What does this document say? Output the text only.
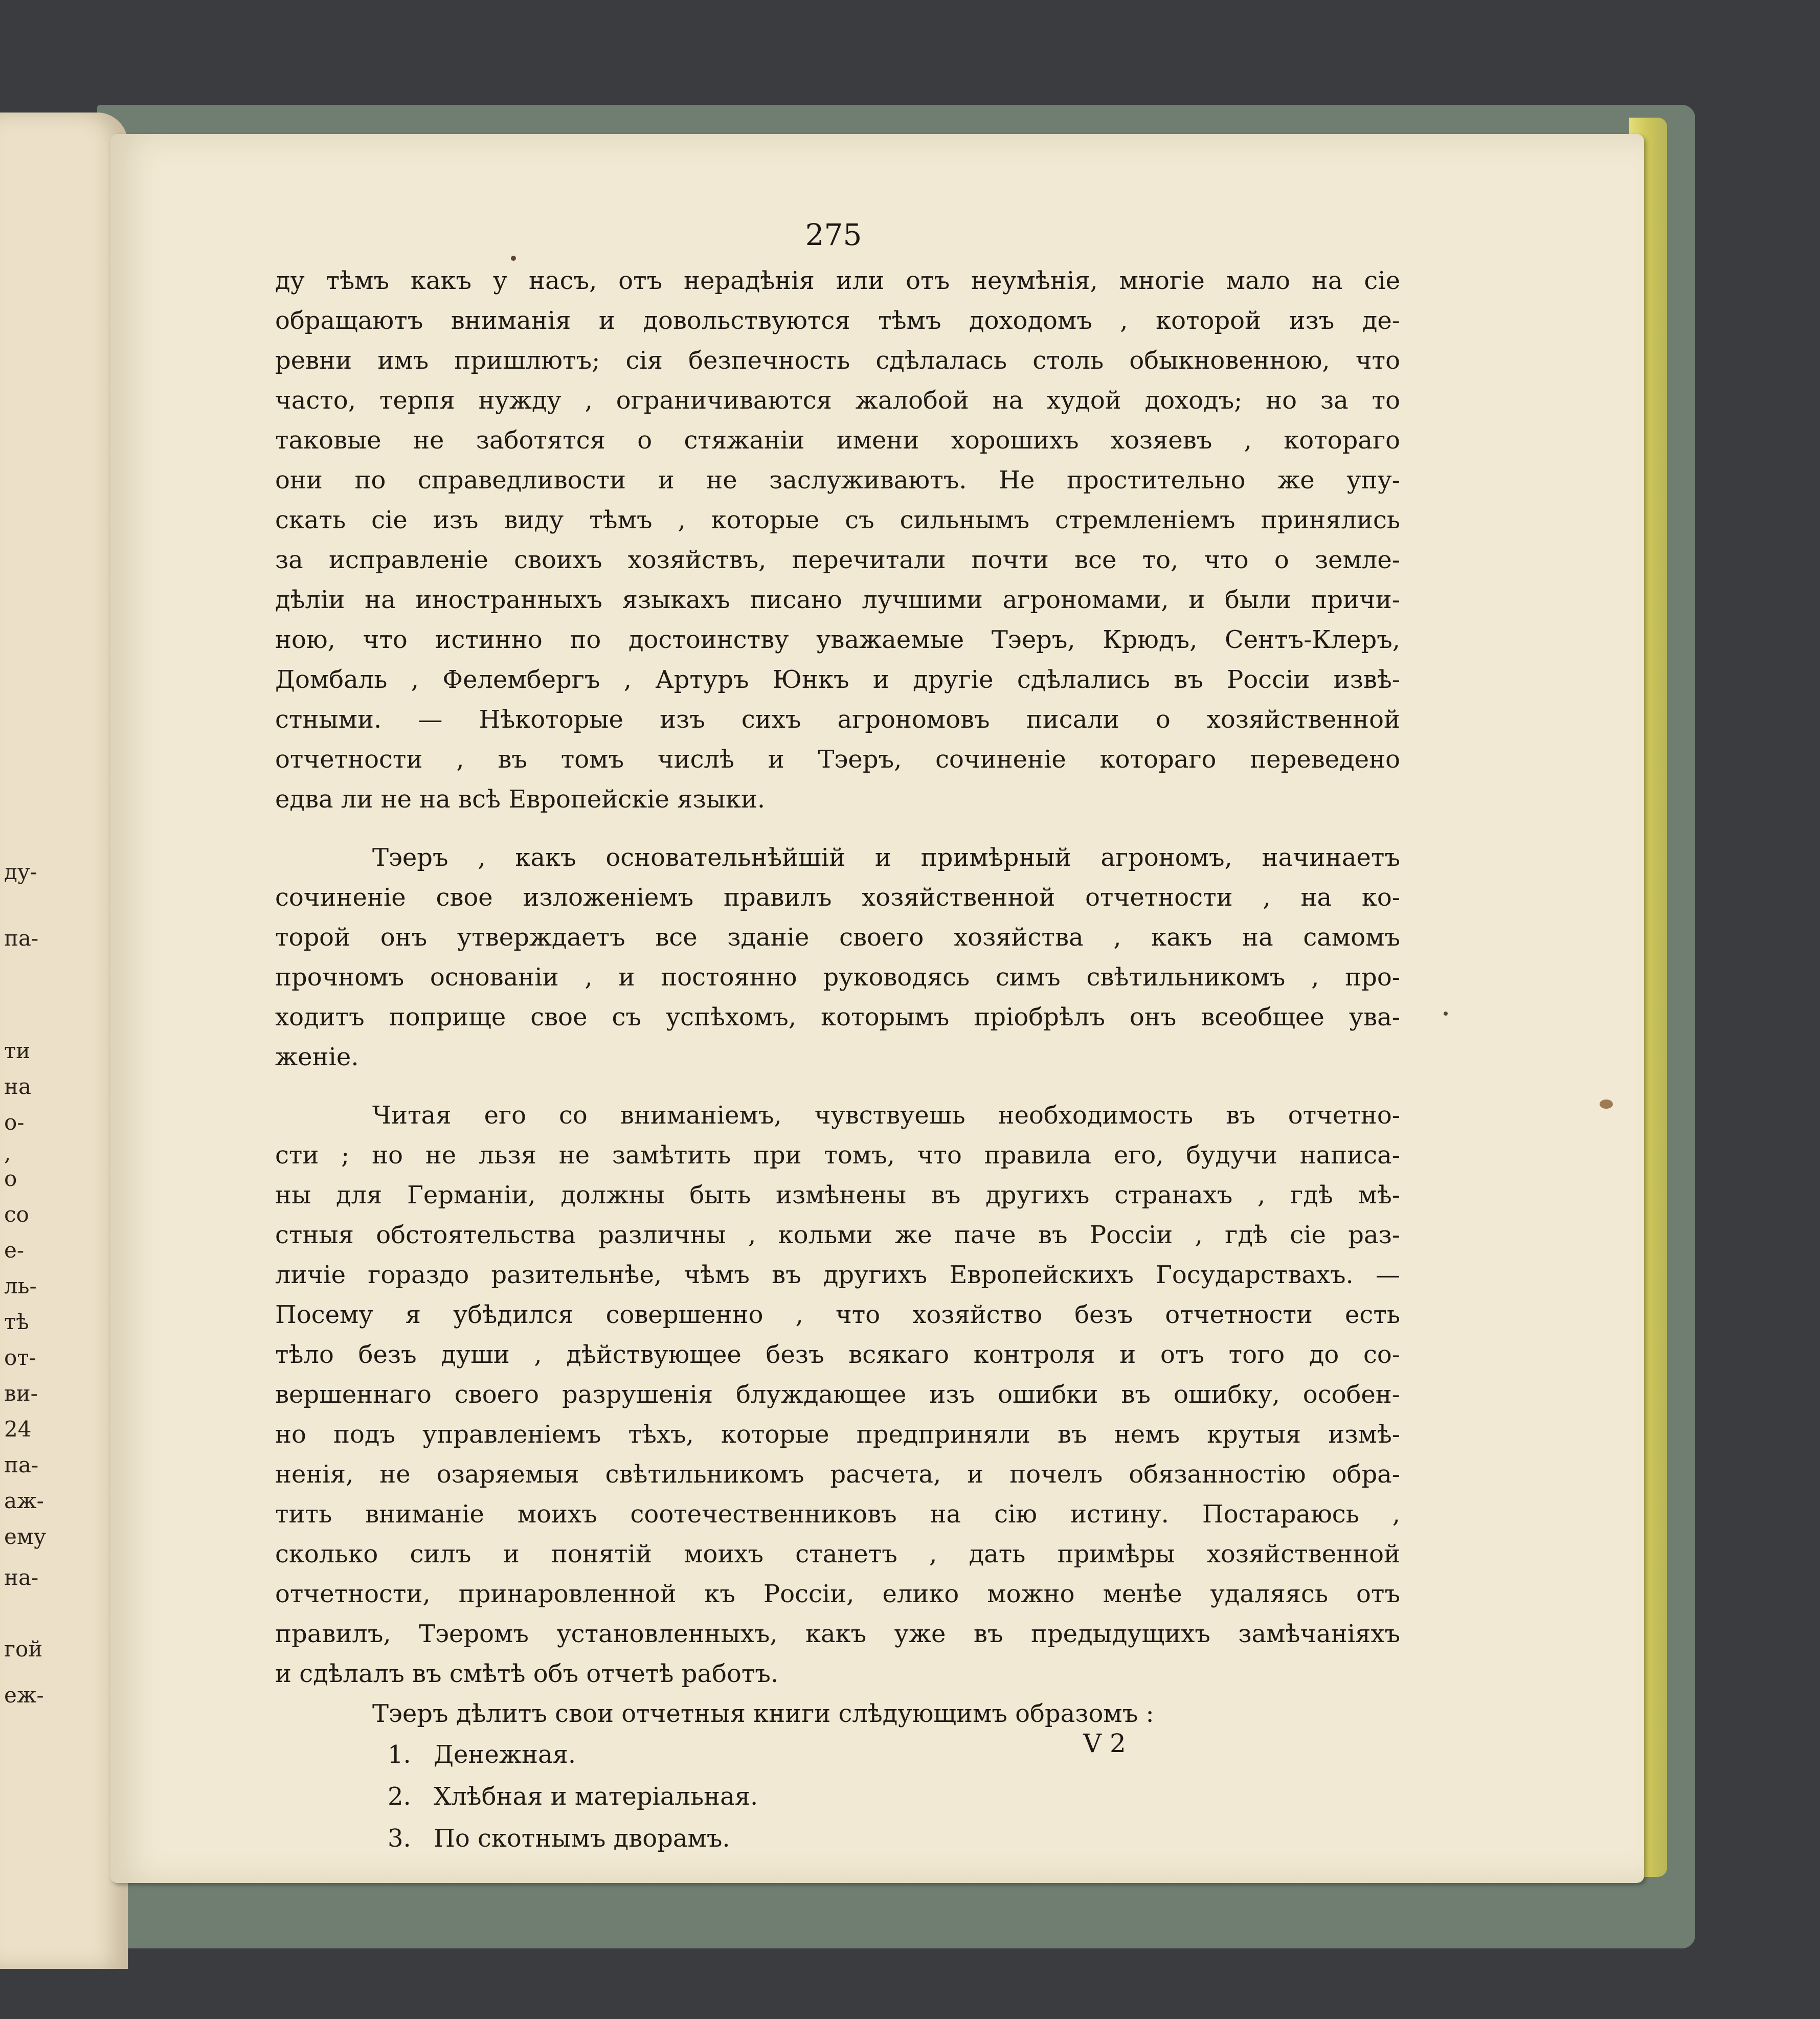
ду-
па-
ти
на
о-
,
о
со
е-
ль-
тѣ
от-
ви-
24
па-
аж-
ему
на-
гой
еж-
275
ду тѣмъ какъ у насъ, отъ нерадѣнія или отъ неумѣнія, многіе мало на сіе
обращаютъ вниманія и довольствуются тѣмъ доходомъ , которой изъ де-
ревни имъ пришлютъ; сія безпечность сдѣлалась столь обыкновенною, что
часто, терпя нужду , ограничиваются жалобой на худой доходъ; но за то
таковые не заботятся о стяжаніи имени хорошихъ хозяевъ , котораго
они по справедливости и не заслуживаютъ. Не простительно же упу-
скать сіе изъ виду тѣмъ , которые съ сильнымъ стремленіемъ принялись
за исправленіе своихъ хозяйствъ, перечитали почти все то, что о земле-
дѣліи на иностранныхъ языкахъ писано лучшими агрономами, и были причи-
ною, что истинно по достоинству уважаемые Тэеръ, Крюдъ, Сентъ-Клеръ,
Домбаль , Фелембергъ , Артуръ Юнкъ и другіе сдѣлались въ Россіи извѣ-
стными. — Нѣкоторые изъ сихъ агрономовъ писали о хозяйственной
отчетности , въ томъ числѣ и Тэеръ, сочиненіе котораго переведено
едва ли не на всѣ Европейскіе языки.
Тэеръ , какъ основательнѣйшій и примѣрный агрономъ, начинаетъ
сочиненіе свое изложеніемъ правилъ хозяйственной отчетности , на ко-
торой онъ утверждаетъ все зданіе своего хозяйства , какъ на самомъ
прочномъ основаніи , и постоянно руководясь симъ свѣтильникомъ , про-
ходитъ поприще свое съ успѣхомъ, которымъ пріобрѣлъ онъ всеобщее ува-
женіе.
Читая его со вниманіемъ, чувствуешь необходимость въ отчетно-
сти ; но не льзя не замѣтить при томъ, что правила его, будучи написа-
ны для Германіи, должны быть измѣнены въ другихъ странахъ , гдѣ мѣ-
стныя обстоятельства различны , кольми же паче въ Россіи , гдѣ сіе раз-
личіе гораздо разительнѣе, чѣмъ въ другихъ Европейскихъ Государствахъ. —
Посему я убѣдился совершенно , что хозяйство безъ отчетности есть
тѣло безъ души , дѣйствующее безъ всякаго контроля и отъ того до со-
вершеннаго своего разрушенія блуждающее изъ ошибки въ ошибку, особен-
но подъ управленіемъ тѣхъ, которые предприняли въ немъ крутыя измѣ-
ненія, не озаряемыя свѣтильникомъ расчета, и почелъ обязанностію обра-
тить вниманіе моихъ соотечественниковъ на сію истину. Постараюсь ,
сколько силъ и понятій моихъ станетъ , дать примѣры хозяйственной
отчетности, принаровленной къ Россіи, елико можно менѣе удаляясь отъ
правилъ, Тэеромъ установленныхъ, какъ уже въ предыдущихъ замѣчаніяхъ
и сдѣлалъ въ смѣтѣ объ отчетѣ работъ.
Тэеръ дѣлитъ свои отчетныя книги слѣдующимъ образомъ :
1. Денежная.
2. Хлѣбная и матеріальная.
3. По скотнымъ дворамъ.
V 2
